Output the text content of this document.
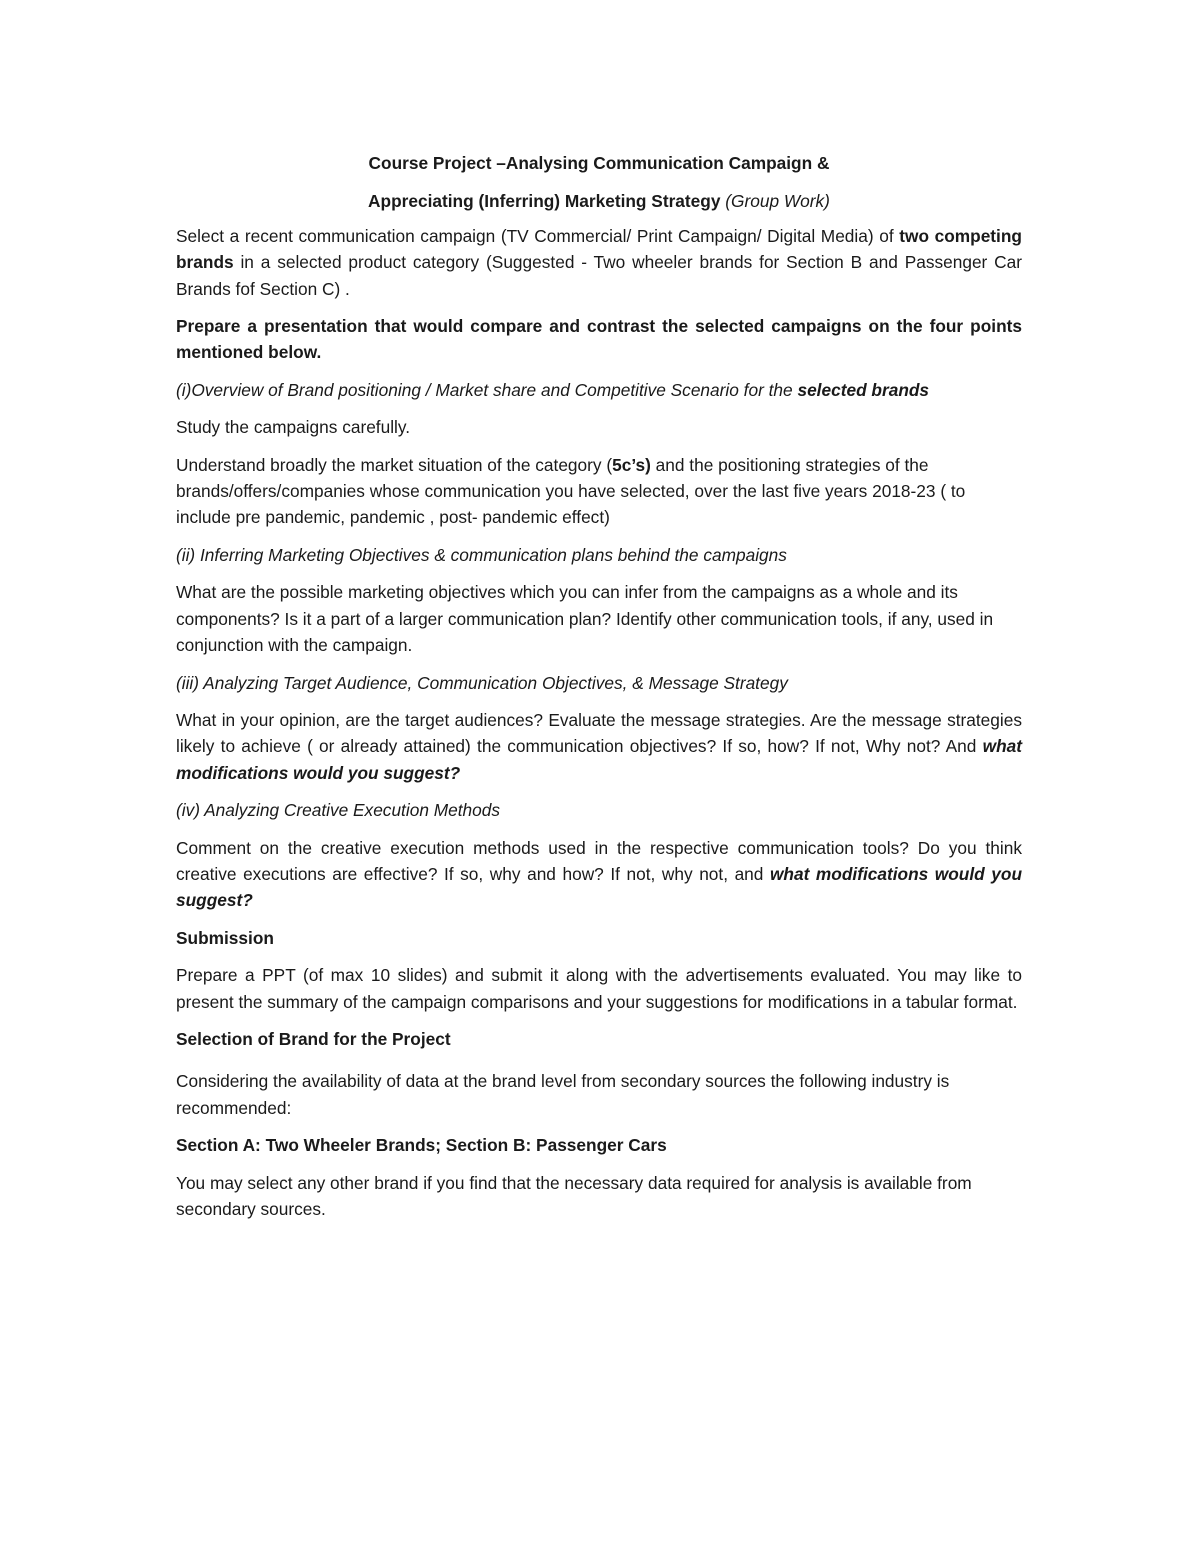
Course Project –Analysing Communication Campaign &

Appreciating (Inferring) Marketing Strategy (Group Work)

Select a recent communication campaign (TV Commercial/ Print Campaign/ Digital Media) of two competing brands in a selected product category (Suggested - Two wheeler brands for Section B and Passenger Car Brands fof Section C) .

Prepare a presentation that would compare and contrast the selected campaigns on the four points mentioned below.

(i)Overview of Brand positioning / Market share and Competitive Scenario for the selected brands

Study the campaigns carefully.

Understand broadly the market situation of the category (5c’s) and the positioning strategies of the brands/offers/companies whose communication you have selected, over the last five years 2018-23 ( to include pre pandemic, pandemic , post- pandemic effect)

(ii) Inferring Marketing Objectives & communication plans behind the campaigns

What are the possible marketing objectives which you can infer from the campaigns as a whole and its components? Is it a part of a larger communication plan? Identify other communication tools, if any, used in conjunction with the campaign.

(iii) Analyzing Target Audience, Communication Objectives, & Message Strategy

What in your opinion, are the target audiences? Evaluate the message strategies. Are the message strategies likely to achieve ( or already attained) the communication objectives? If so, how? If not, Why not? And what modifications would you suggest?

(iv) Analyzing Creative Execution Methods

Comment on the creative execution methods used in the respective communication tools? Do you think creative executions are effective? If so, why and how? If not, why not, and what modifications would you suggest?

Submission

Prepare a PPT (of max 10 slides) and submit it along with the advertisements evaluated. You may like to present the summary of the campaign comparisons and your suggestions for modifications in a tabular format.

Selection of Brand for the Project

Considering the availability of data at the brand level from secondary sources the following industry is recommended:

Section A: Two Wheeler Brands; Section B: Passenger Cars

You may select any other brand if you find that the necessary data required for analysis is available from secondary sources.
